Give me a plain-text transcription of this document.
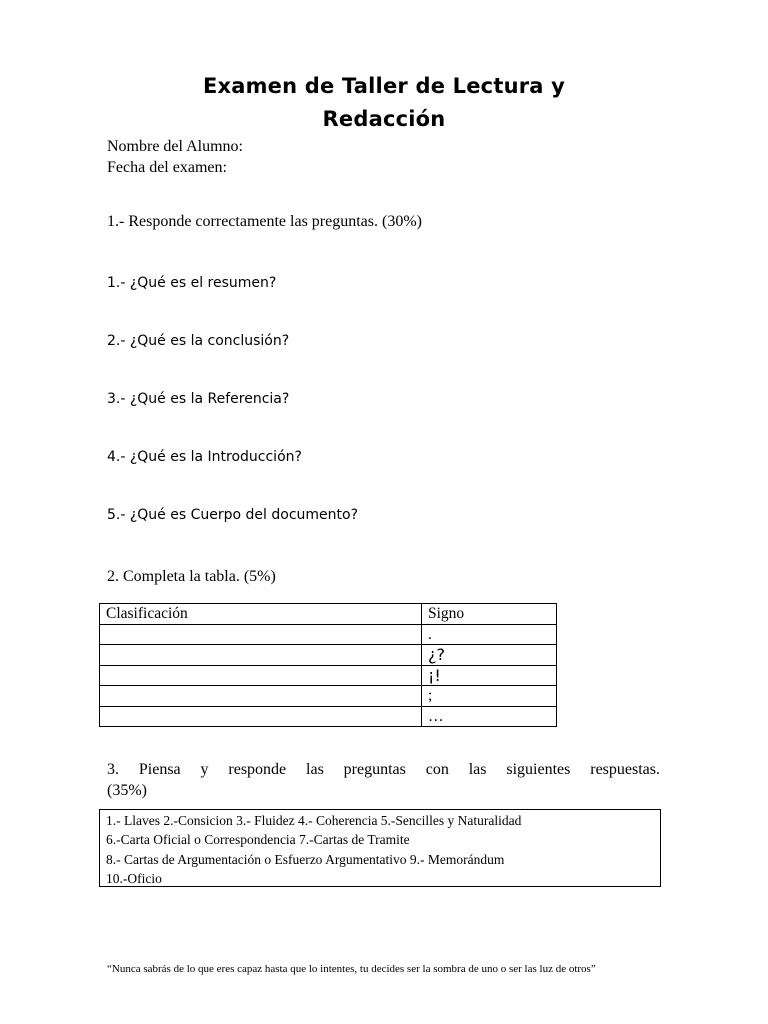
Examen de Taller de Lectura y
Redacción
Nombre del Alumno:
Fecha del examen:
1.- Responde correctamente las preguntas. (30%)
1.- ¿Qué es el resumen?
2.- ¿Qué es la conclusión?
3.- ¿Qué es la Referencia?
4.- ¿Qué es la Introducción?
5.- ¿Qué es Cuerpo del documento?
2. Completa la tabla. (5%)
Clasificación	Signo
	.
	¿?
	¡!
	;
	…
3. Piensa y responde las preguntas con las siguientes respuestas.
(35%)
1.- Llaves 2.-Consicion 3.- Fluidez 4.- Coherencia 5.-Sencilles y Naturalidad
6.-Carta Oficial o Correspondencia 7.-Cartas de Tramite
8.- Cartas de Argumentación o Esfuerzo Argumentativo 9.- Memorándum
10.-Oficio
“Nunca sabrás de lo que eres capaz hasta que lo intentes, tu decides ser la sombra de uno o ser las luz de otros”
